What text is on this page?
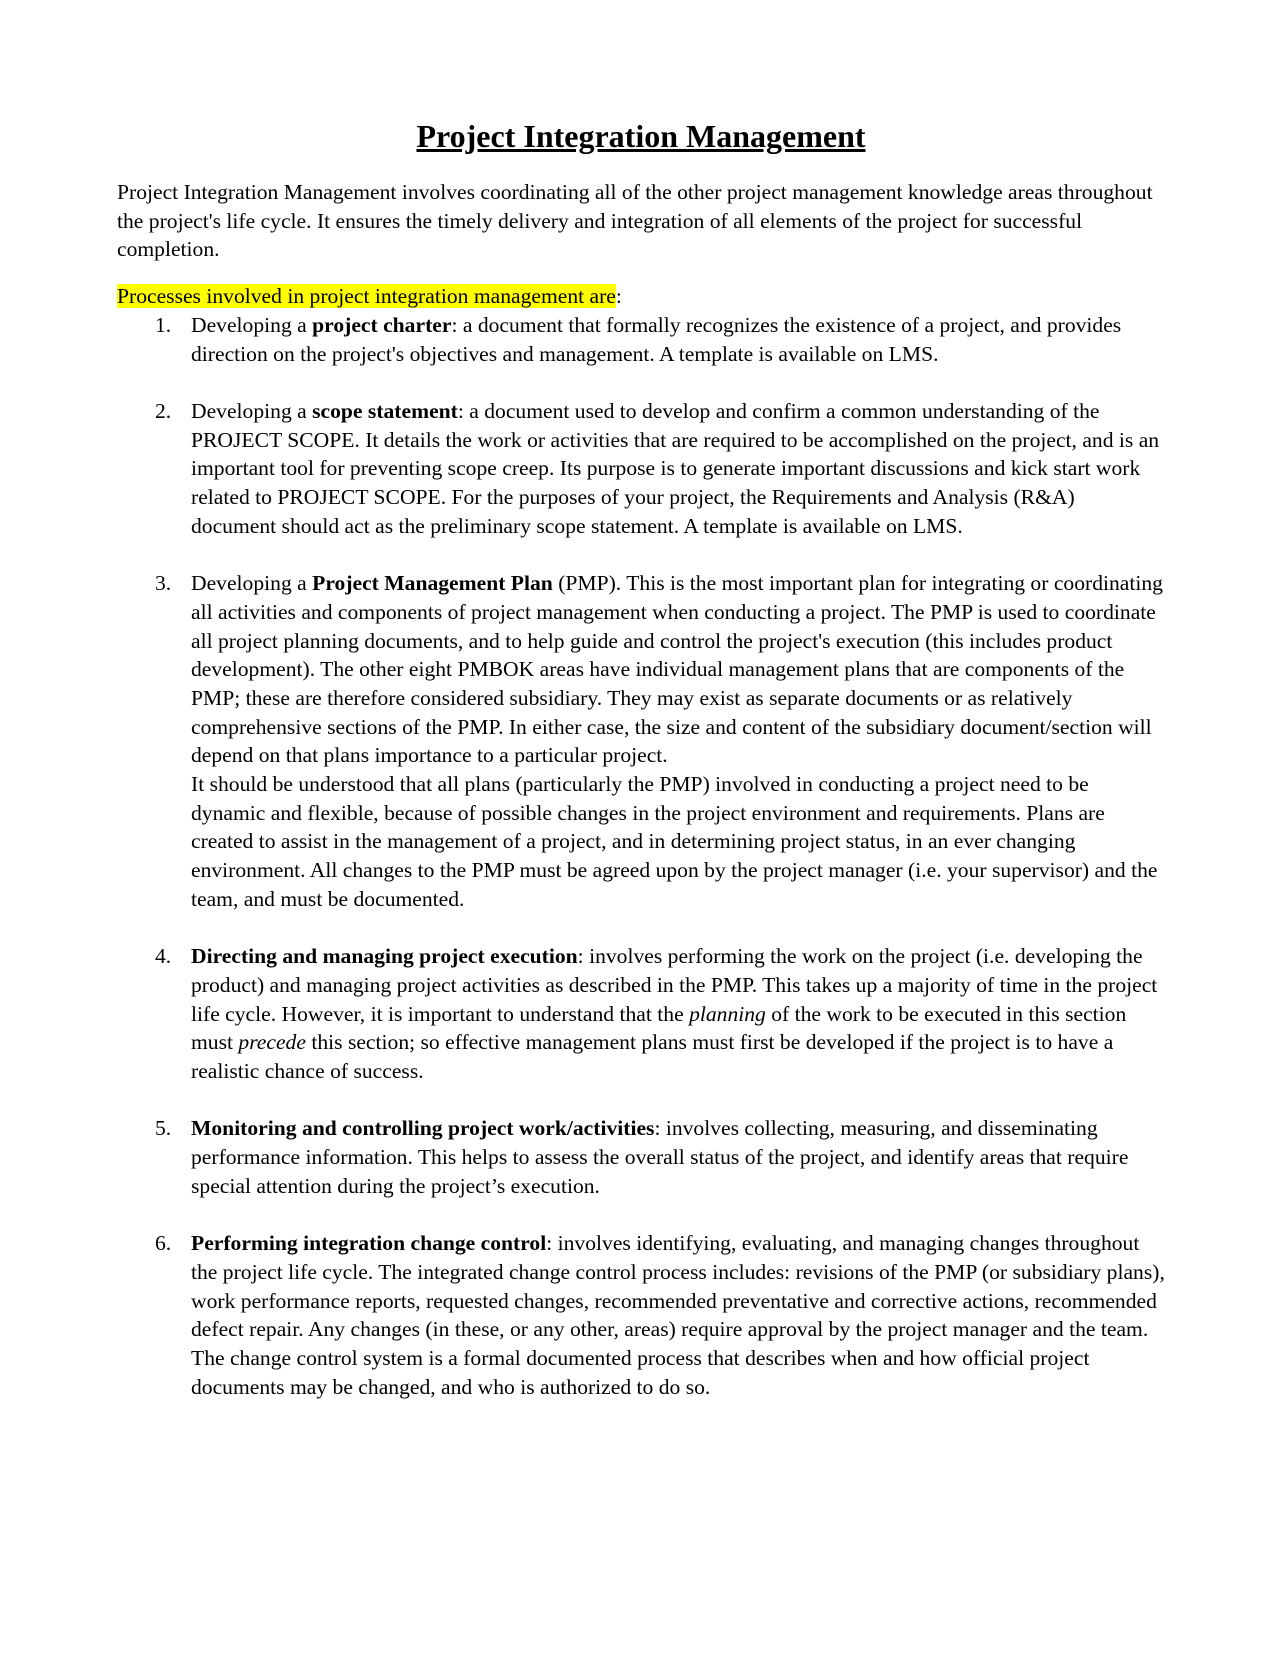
Project Integration Management

Project Integration Management involves coordinating all of the other project management knowledge areas throughout the project's life cycle. It ensures the timely delivery and integration of all elements of the project for successful completion.

Processes involved in project integration management are:

1. Developing a project charter: a document that formally recognizes the existence of a project, and provides direction on the project's objectives and management. A template is available on LMS.
2. Developing a scope statement: a document used to develop and confirm a common understanding of the PROJECT SCOPE. It details the work or activities that are required to be accomplished on the project, and is an important tool for preventing scope creep. Its purpose is to generate important discussions and kick start work related to PROJECT SCOPE. For the purposes of your project, the Requirements and Analysis (R&A) document should act as the preliminary scope statement. A template is available on LMS.
3. Developing a Project Management Plan (PMP). This is the most important plan for integrating or coordinating all activities and components of project management when conducting a project. The PMP is used to coordinate all project planning documents, and to help guide and control the project's execution (this includes product development). The other eight PMBOK areas have individual management plans that are components of the PMP; these are therefore considered subsidiary. They may exist as separate documents or as relatively comprehensive sections of the PMP. In either case, the size and content of the subsidiary document/section will depend on that plans importance to a particular project.
It should be understood that all plans (particularly the PMP) involved in conducting a project need to be dynamic and flexible, because of possible changes in the project environment and requirements. Plans are created to assist in the management of a project, and in determining project status, in an ever changing environment. All changes to the PMP must be agreed upon by the project manager (i.e. your supervisor) and the team, and must be documented.
4. Directing and managing project execution: involves performing the work on the project (i.e. developing the product) and managing project activities as described in the PMP. This takes up a majority of time in the project life cycle. However, it is important to understand that the planning of the work to be executed in this section must precede this section; so effective management plans must first be developed if the project is to have a realistic chance of success.
5. Monitoring and controlling project work/activities: involves collecting, measuring, and disseminating performance information. This helps to assess the overall status of the project, and identify areas that require special attention during the project’s execution.
6. Performing integration change control: involves identifying, evaluating, and managing changes throughout the project life cycle. The integrated change control process includes: revisions of the PMP (or subsidiary plans), work performance reports, requested changes, recommended preventative and corrective actions, recommended defect repair. Any changes (in these, or any other, areas) require approval by the project manager and the team.
The change control system is a formal documented process that describes when and how official project documents may be changed, and who is authorized to do so.
